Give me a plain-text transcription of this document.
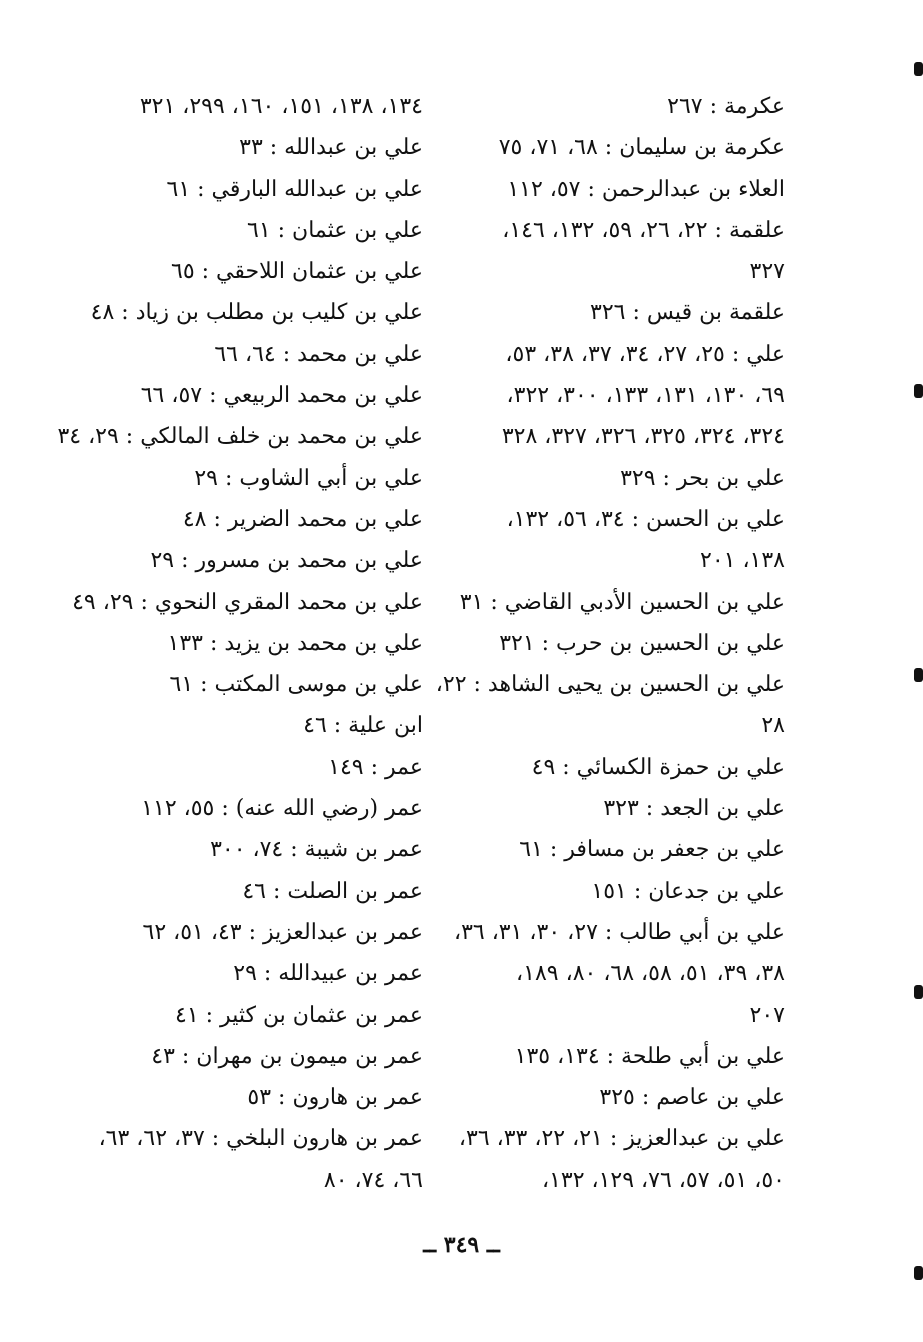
عكرمة : ٢٦٧
عكرمة بن سليمان : ٦٨، ٧١، ٧٥
العلاء بن عبدالرحمن : ٥٧، ١١٢
علقمة : ٢٢، ٢٦، ٥٩، ١٣٢، ١٤٦،
٣٢٧
علقمة بن قيس : ٣٢٦
علي : ٢٥، ٢٧، ٣٤، ٣٧، ٣٨، ٥٣،
٦٩، ١٣٠، ١٣١، ١٣٣، ٣٠٠، ٣٢٢،
٣٢٤، ٣٢٤، ٣٢٥، ٣٢٦، ٣٢٧، ٣٢٨
علي بن بحر : ٣٢٩
علي بن الحسن : ٣٤، ٥٦، ١٣٢،
١٣٨، ٢٠١
علي بن الحسين الأدبي القاضي : ٣١
علي بن الحسين بن حرب : ٣٢١
علي بن الحسين بن يحيى الشاهد : ٢٢،
٢٨
علي بن حمزة الكسائي : ٤٩
علي بن الجعد : ٣٢٣
علي بن جعفر بن مسافر : ٦١
علي بن جدعان : ١٥١
علي بن أبي طالب : ٢٧، ٣٠، ٣١، ٣٦،
٣٨، ٣٩، ٥١، ٥٨، ٦٨، ٨٠، ١٨٩،
٢٠٧
علي بن أبي طلحة : ١٣٤، ١٣٥
علي بن عاصم : ٣٢٥
علي بن عبدالعزيز : ٢١، ٢٢، ٣٣، ٣٦،
٥٠، ٥١، ٥٧، ٧٦، ١٢٩، ١٣٢،
١٣٤، ١٣٨، ١٥١، ١٦٠، ٢٩٩، ٣٢١
علي بن عبدالله : ٣٣
علي بن عبدالله البارقي : ٦١
علي بن عثمان : ٦١
علي بن عثمان اللاحقي : ٦٥
علي بن كليب بن مطلب بن زياد : ٤٨
علي بن محمد : ٦٤، ٦٦
علي بن محمد الربيعي : ٥٧، ٦٦
علي بن محمد بن خلف المالكي : ٢٩، ٣٤
علي بن أبي الشاوب : ٢٩
علي بن محمد الضرير : ٤٨
علي بن محمد بن مسرور : ٢٩
علي بن محمد المقري النحوي : ٢٩، ٤٩
علي بن محمد بن يزيد : ١٣٣
علي بن موسى المكتب : ٦١
ابن علية : ٤٦
عمر : ١٤٩
عمر (رضي الله عنه) : ٥٥، ١١٢
عمر بن شيبة : ٧٤، ٣٠٠
عمر بن الصلت : ٤٦
عمر بن عبدالعزيز : ٤٣، ٥١، ٦٢
عمر بن عبيدالله : ٢٩
عمر بن عثمان بن كثير : ٤١
عمر بن ميمون بن مهران : ٤٣
عمر بن هارون : ٥٣
عمر بن هارون البلخي : ٣٧، ٦٢، ٦٣،
٦٦، ٧٤، ٨٠
ــ ٣٤٩ ــ
